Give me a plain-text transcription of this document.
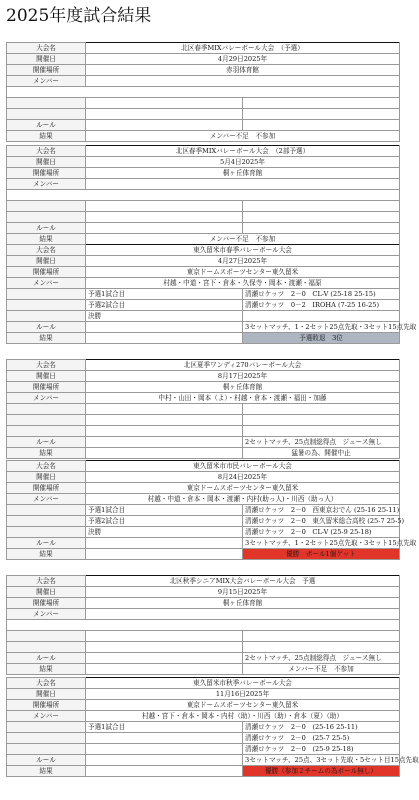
2025年度試合結果
大会名	北区春季MIXバレーボール大会　（予選）	
開催日	4月29日2025年	
開催場所	赤羽体育館	
メンバー		

ルール		
結果	メンバー不足　不参加	
大会名	北区春季MIXバレーボール大会　（2部予選）	
開催日	5月4日2025年	
開催場所	桐ヶ丘体育館	
メンバー		

ルール		
結果	メンバー不足　不参加	
大会名	東久留米市春季バレーボール大会	
開催日	4月27日2025年	
開催場所	東京ドームスポーツセンター東久留米	
メンバー	村越・中道・宮下・倉本・久保寺・岡本・渡瀬・福原	
	予選1試合目	清瀬ロケッツ　2－0　CL-V (25-18 25-15)
	予選2試合目	清瀬ロケッツ　0－2　IROHA (7-25 16-25)
	決勝	
ルール		3セットマッチ、1・2セット25点先取・3セット15点先取
結果		予選敗退　3位
大会名	北区夏季ワンディ270バレーボール大会	
開催日	8月17日2025年	
開催場所	桐ヶ丘体育館	
メンバー	中村・山田・岡本（よ）・村越・倉本・渡瀬・福田・加藤	

ルール		2セットマッチ、25点制総得点　ジュース無し
結果		猛暑の為、開催中止
大会名	東久留米市市民バレーボール大会	
開催日	8月24日2025年	
開催場所	東京ドームスポーツセンター東久留米	
メンバー	村越・中道・倉本・岡本・渡瀬・内村(助っ人)・川西（助っ人）	
	予選1試合目	清瀬ロケッツ　2－0　西東京おでん (25-16 25-11)
	予選2試合目	清瀬ロケッツ　2－0　東久留米総合高校 (25-7 25-5)
	決勝	清瀬ロケッツ　2－0　CL-V (25-9 25-18)
ルール		3セットマッチ、1・2セット25点先取・3セット15点先取
結果		優勝　ボール1個ゲット
大会名	北区秋季シニアMIX大会バレーボール大会　予選	
開催日	9月15日2025年	
開催場所	桐ヶ丘体育館	
メンバー		

ルール		2セットマッチ、25点制総得点　ジュース無し
結果		メンバー不足　不参加
大会名	東久留米市秋季バレーボール大会	
開催日	11月16日2025年	
開催場所	東京ドームスポーツセンター東久留米	
メンバー	村越・宮下・倉本・岡本・内村（助）・川西（助）・倉本（夏）（助）	
	予選1試合目	清瀬ロケッツ　2－0　(25-16 25-11)
		清瀬ロケッツ　2－0　(25-7 25-5)
		清瀬ロケッツ　2－0　(25-9 25-18)
ルール		3セットマッチ、25点、3セット先取・5セット目15点先取
結果		優勝（参加２チームの為ボール無し）
